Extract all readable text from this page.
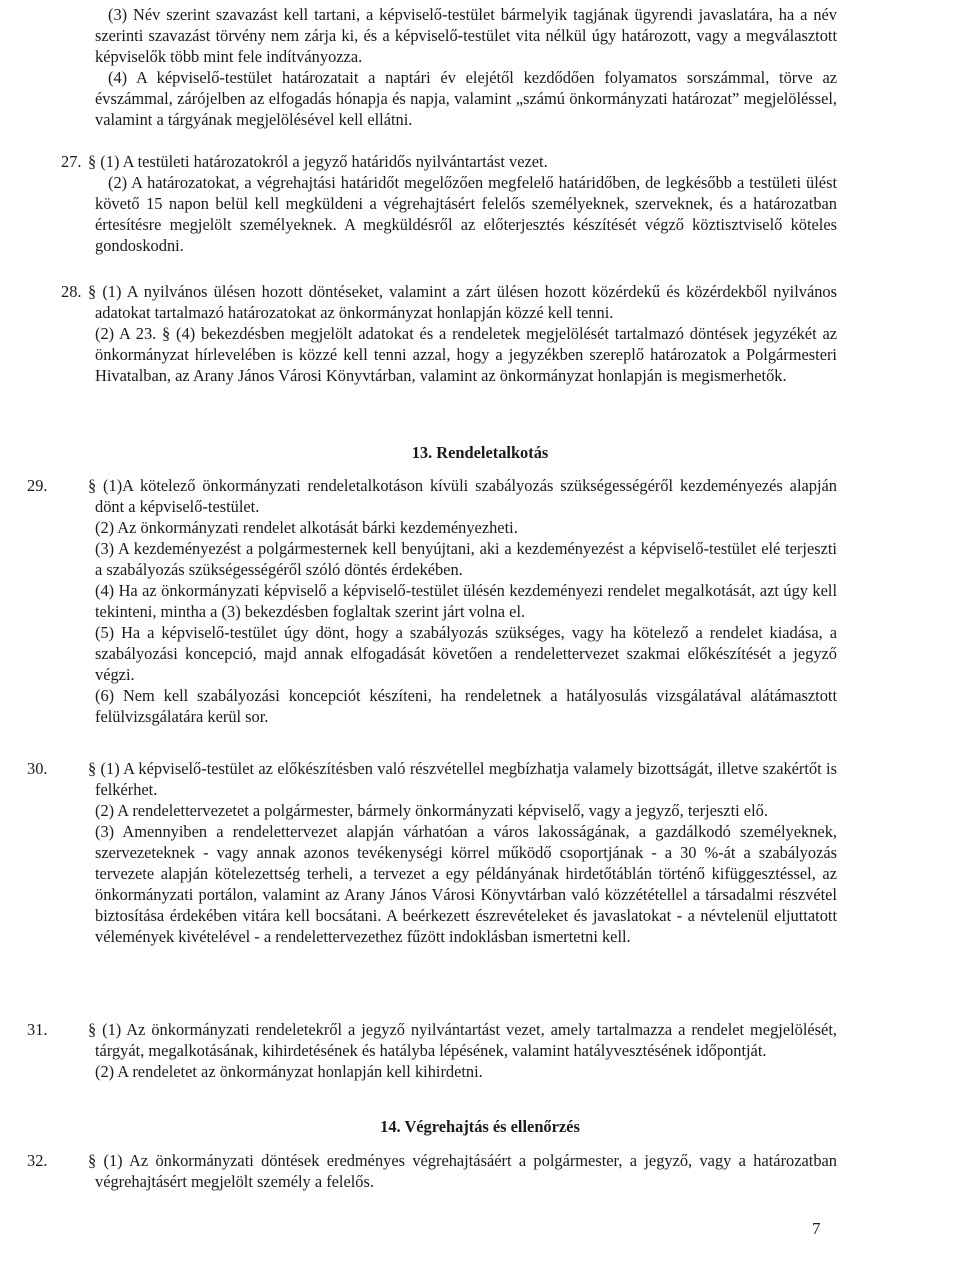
(3) Név szerint szavazást kell tartani, a képviselő-testület bármelyik tagjának ügyrendi javaslatára, ha a név szerinti szavazást törvény nem zárja ki, és a képviselő-testület vita nélkül úgy határozott, vagy a megválasztott képviselők több mint fele indítványozza.

(4) A képviselő-testület határozatait a naptári év elejétől kezdődően folyamatos sorszámmal, törve az évszámmal, zárójelben az elfogadás hónapja és napja, valamint „számú önkormányzati határozat” megjelöléssel, valamint a tárgyának megjelölésével kell ellátni.

27. § (1) A testületi határozatokról a jegyző határidős nyilvántartást vezet.

(2) A határozatokat, a végrehajtási határidőt megelőzően megfelelő határidőben, de legkésőbb a testületi ülést követő 15 napon belül kell megküldeni a végrehajtásért felelős személyeknek, szerveknek, és a határozatban értesítésre megjelölt személyeknek. A megküldésről az előterjesztés készítését végző köztisztviselő köteles gondoskodni.

28. § (1) A nyilvános ülésen hozott döntéseket, valamint a zárt ülésen hozott közérdekű és közérdekből nyilvános adatokat tartalmazó határozatokat az önkormányzat honlapján közzé kell tenni.

(2) A 23. § (4) bekezdésben megjelölt adatokat és a rendeletek megjelölését tartalmazó döntések jegyzékét az önkormányzat hírlevelében is közzé kell tenni azzal, hogy a jegyzékben szereplő határozatok a Polgármesteri Hivatalban, az Arany János Városi Könyvtárban, valamint az önkormányzat honlapján is megismerhetők.

13. Rendeletalkotás

29. § (1)A kötelező önkormányzati rendeletalkotáson kívüli szabályozás szükségességéről kezdeményezés alapján dönt a képviselő-testület.

(2) Az önkormányzati rendelet alkotását bárki kezdeményezheti.

(3) A kezdeményezést a polgármesternek kell benyújtani, aki a kezdeményezést a képviselő-testület elé terjeszti a szabályozás szükségességéről szóló döntés érdekében.

(4) Ha az önkormányzati képviselő a képviselő-testület ülésén kezdeményezi rendelet megalkotását, azt úgy kell tekinteni, mintha a (3) bekezdésben foglaltak szerint járt volna el.

(5) Ha a képviselő-testület úgy dönt, hogy a szabályozás szükséges, vagy ha kötelező a rendelet kiadása, a szabályozási koncepció, majd annak elfogadását követően a rendelettervezet szakmai előkészítését a jegyző végzi.

(6) Nem kell szabályozási koncepciót készíteni, ha rendeletnek a hatályosulás vizsgálatával alátámasztott felülvizsgálatára kerül sor.

30. § (1) A képviselő-testület az előkészítésben való részvétellel megbízhatja valamely bizottságát, illetve szakértőt is felkérhet.

(2) A rendelettervezetet a polgármester, bármely önkormányzati képviselő, vagy a jegyző, terjeszti elő.

(3) Amennyiben a rendelettervezet alapján várhatóan a város lakosságának, a gazdálkodó személyeknek, szervezeteknek - vagy annak azonos tevékenységi körrel működő csoportjának - a 30 %-át a szabályozás tervezete alapján kötelezettség terheli, a tervezet a egy példányának hirdetőtáblán történő kifüggesztéssel, az önkormányzati portálon, valamint az Arany János Városi Könyvtárban való közzététellel a társadalmi részvétel biztosítása érdekében vitára kell bocsátani. A beérkezett észrevételeket és javaslatokat - a névtelenül eljuttatott vélemények kivételével - a rendelettervezethez fűzött indoklásban ismertetni kell.

31. § (1) Az önkormányzati rendeletekről a jegyző nyilvántartást vezet, amely tartalmazza a rendelet megjelölését, tárgyát, megalkotásának, kihirdetésének és hatályba lépésének, valamint hatályvesztésének időpontját.

(2) A rendeletet az önkormányzat honlapján kell kihirdetni.

14. Végrehajtás és ellenőrzés

32. § (1) Az önkormányzati döntések eredményes végrehajtásáért a polgármester, a jegyző, vagy a határozatban végrehajtásért megjelölt személy a felelős.

7
